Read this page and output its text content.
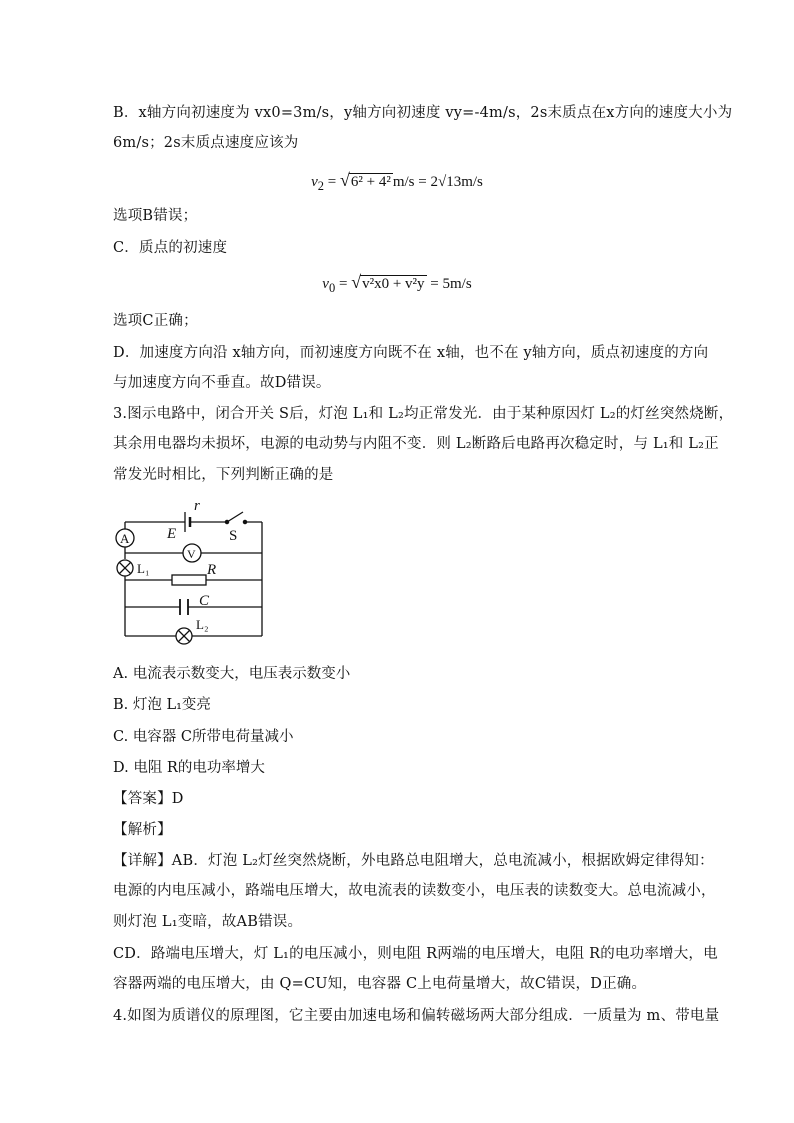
B．x轴方向初速度为 vx0=3m/s，y轴方向初速度 vy=-4m/s，2s末质点在x方向的速度大小为
6m/s；2s末质点速度应该为
$v_2 = √6^2 + 4^2$ m/s = 2√13m/s
选项B错误；
C．质点的初速度
$v_0 = √v^2x0 + v^2y = 5m/s$
选项C正确；
D．加速度方向沿 x轴方向，而初速度方向既不在 x轴，也不在 y轴方向，质点初速度的方向
与加速度方向不垂直。故D错误。
3.图示电路中，闭合开关 S后，灯泡 L₁和 L₂均正常发光．由于某种原因灯 L₂的灯丝突然烧断，
其余用电器均未损坏，电源的电动势与内阻不变．则 L₂断路后电路再次稳定时，与 L₁和 L₂正
常发光时相比，下列判断正确的是
r
E	S
A
V
L₁	R
C
L₂
A. 电流表示数变大，电压表示数变小
B. 灯泡 L₁变亮
C. 电容器 C所带电荷量减小
D. 电阻 R的电功率增大
【答案】D
【解析】
【详解】AB．灯泡 L₂灯丝突然烧断，外电路总电阻增大，总电流减小，根据欧姆定律得知：
电源的内电压减小，路端电压增大，故电流表的读数变小，电压表的读数变大。总电流减小，
则灯泡 L₁变暗，故AB错误。
CD．路端电压增大，灯 L₁的电压减小，则电阻 R两端的电压增大，电阻 R的电功率增大，电
容器两端的电压增大，由 Q=CU知，电容器 C上电荷量增大，故C错误，D正确。
4.如图为质谱仪的原理图，它主要由加速电场和偏转磁场两大部分组成．一质量为 m、带电量
